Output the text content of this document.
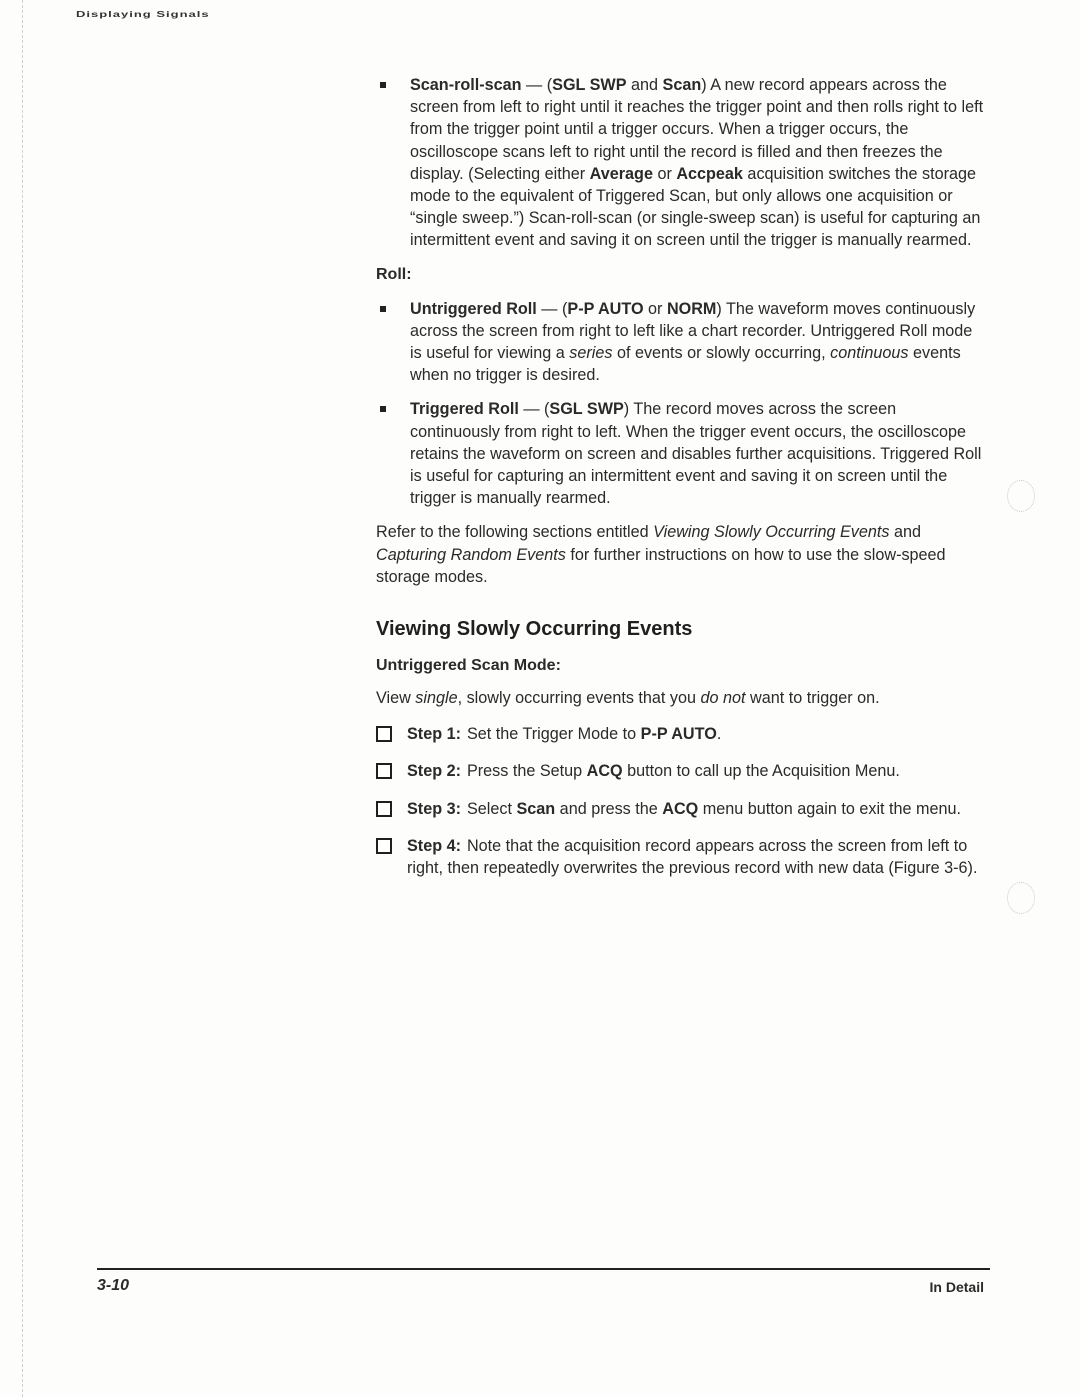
Displaying Signals

Scan-roll-scan — (SGL SWP and Scan) A new record appears across the screen from left to right until it reaches the trigger point and then rolls right to left from the trigger point until a trigger occurs. When a trigger occurs, the oscilloscope scans left to right until the record is filled and then freezes the display. (Selecting either Average or Accpeak acquisition switches the storage mode to the equivalent of Triggered Scan, but only allows one acquisition or “single sweep.”) Scan-roll-scan (or single-sweep scan) is useful for capturing an intermittent event and saving it on screen until the trigger is manually rearmed.

Roll:

Untriggered Roll — (P-P AUTO or NORM) The waveform moves continuously across the screen from right to left like a chart recorder. Untriggered Roll mode is useful for viewing a series of events or slowly occurring, continuous events when no trigger is desired.

Triggered Roll — (SGL SWP) The record moves across the screen continuously from right to left. When the trigger event occurs, the oscilloscope retains the waveform on screen and disables further acquisitions. Triggered Roll is useful for capturing an intermittent event and saving it on screen until the trigger is manually rearmed.

Refer to the following sections entitled Viewing Slowly Occurring Events and Capturing Random Events for further instructions on how to use the slow-speed storage modes.

Viewing Slowly Occurring Events
Untriggered Scan Mode:

View single, slowly occurring events that you do not want to trigger on.

Step 1: Set the Trigger Mode to P-P AUTO.

Step 2: Press the Setup ACQ button to call up the Acquisition Menu.

Step 3: Select Scan and press the ACQ menu button again to exit the menu.

Step 4: Note that the acquisition record appears across the screen from left to right, then repeatedly overwrites the previous record with new data (Figure 3-6).

3-10	In Detail
